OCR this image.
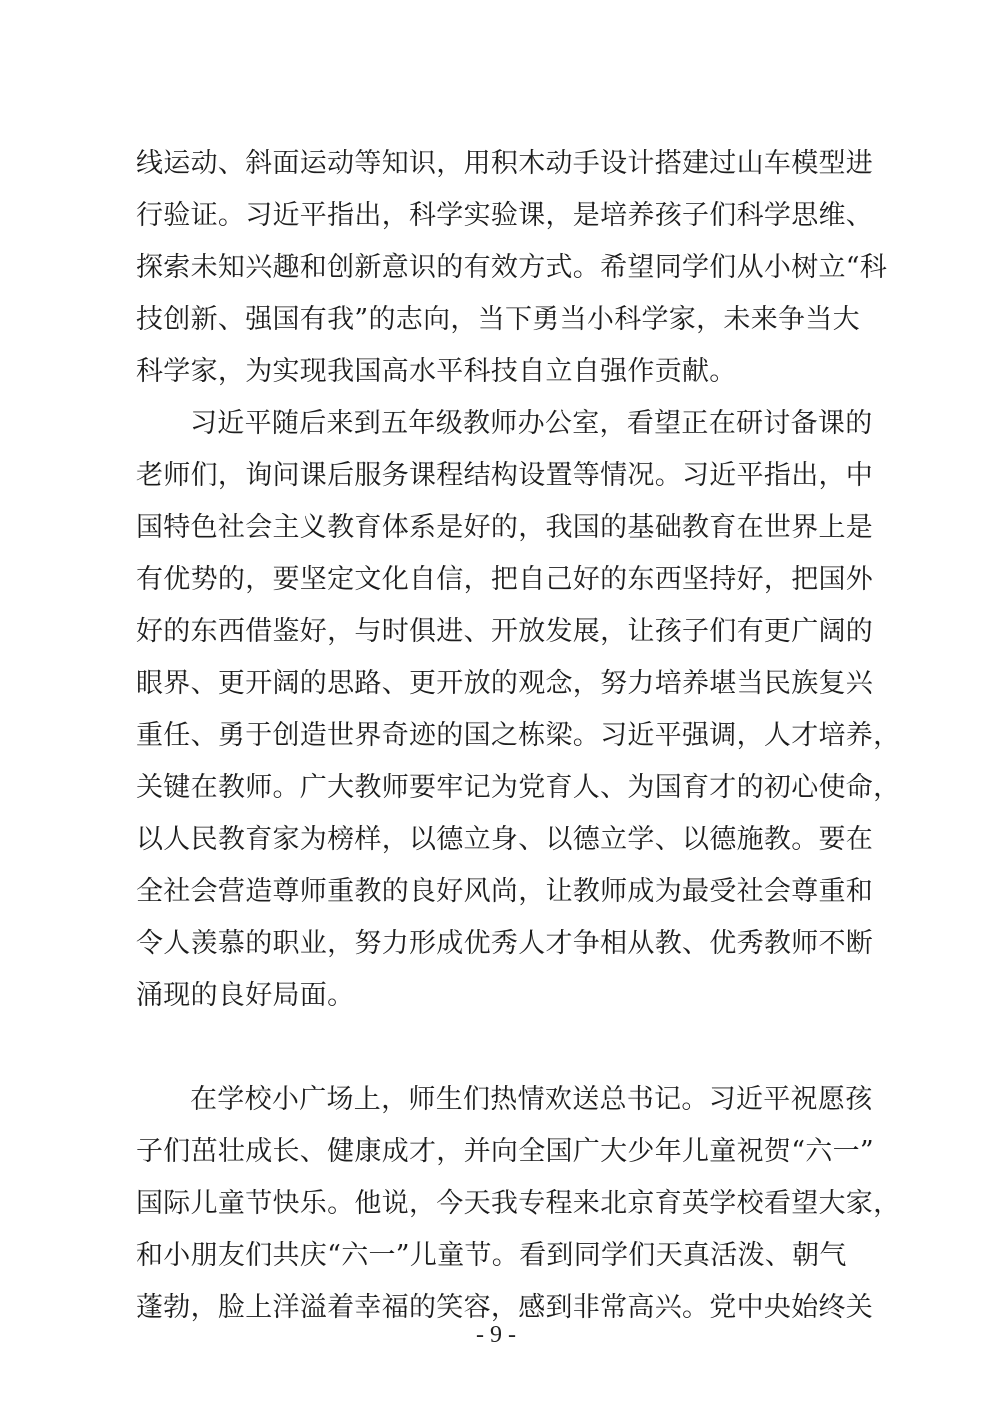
线运动、斜面运动等知识，用积木动手设计搭建过山车模型进
行验证。习近平指出，科学实验课，是培养孩子们科学思维、
探索未知兴趣和创新意识的有效方式。希望同学们从小树立“科
技创新、强国有我”的志向，当下勇当小科学家，未来争当大
科学家，为实现我国高水平科技自立自强作贡献。
习近平随后来到五年级教师办公室，看望正在研讨备课的
老师们，询问课后服务课程结构设置等情况。习近平指出，中
国特色社会主义教育体系是好的，我国的基础教育在世界上是
有优势的，要坚定文化自信，把自己好的东西坚持好，把国外
好的东西借鉴好，与时俱进、开放发展，让孩子们有更广阔的
眼界、更开阔的思路、更开放的观念，努力培养堪当民族复兴
重任、勇于创造世界奇迹的国之栋梁。习近平强调，人才培养，
关键在教师。广大教师要牢记为党育人、为国育才的初心使命，
以人民教育家为榜样，以德立身、以德立学、以德施教。要在
全社会营造尊师重教的良好风尚，让教师成为最受社会尊重和
令人羡慕的职业，努力形成优秀人才争相从教、优秀教师不断
涌现的良好局面。
在学校小广场上，师生们热情欢送总书记。习近平祝愿孩
子们茁壮成长、健康成才，并向全国广大少年儿童祝贺“六一”
国际儿童节快乐。他说，今天我专程来北京育英学校看望大家，
和小朋友们共庆“六一”儿童节。看到同学们天真活泼、朝气
蓬勃，脸上洋溢着幸福的笑容，感到非常高兴。党中央始终关
- 9 -
